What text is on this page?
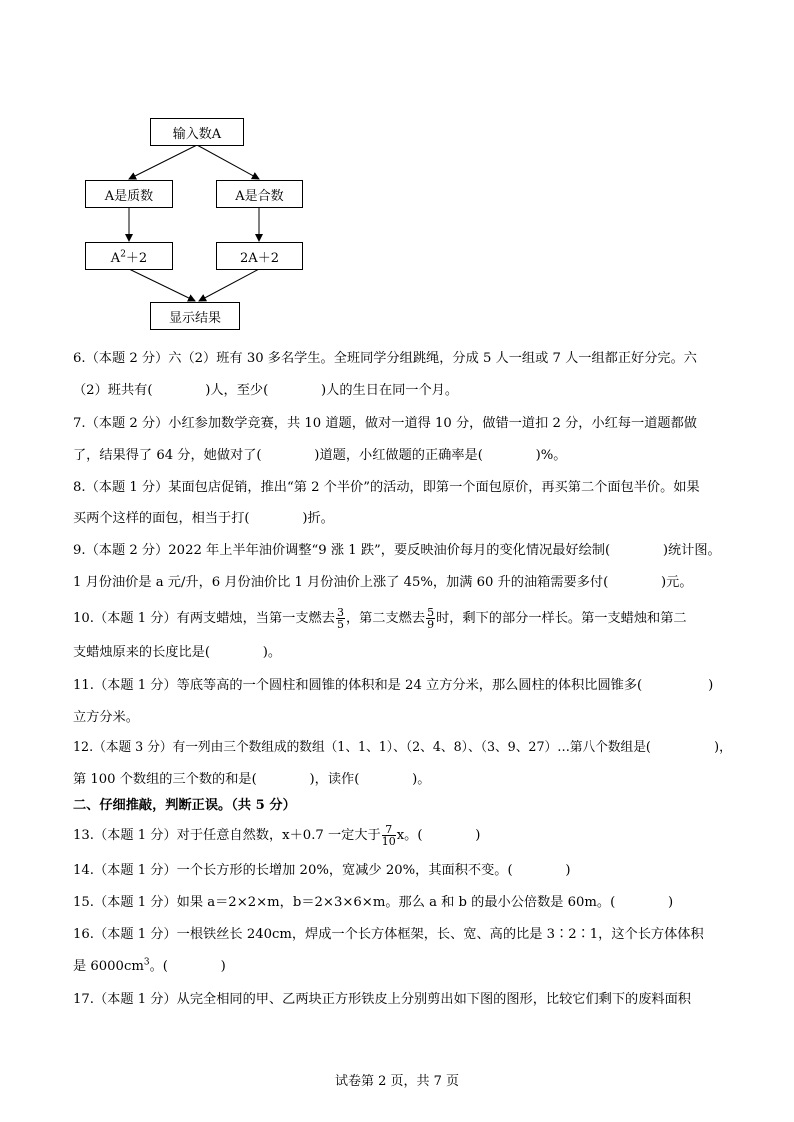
输入数A
A是质数	A是合数
$A^2+2$	2A＋2
显示结果
6.（本题 2 分）六（2）班有 30 多名学生。全班同学分组跳绳，分成 5 人一组或 7 人一组都正好分完。六
（2）班共有(　　　　)人，至少(　　　　)人的生日在同一个月。
7.（本题 2 分）小红参加数学竞赛，共 10 道题，做对一道得 10 分，做错一道扣 2 分，小红每一道题都做
了，结果得了 64 分，她做对了(　　　　)道题，小红做题的正确率是(　　　　)%。
8.（本题 1 分）某面包店促销，推出“第 2 个半价”的活动，即第一个面包原价，再买第二个面包半价。如果
买两个这样的面包，相当于打(　　　　)折。
9.（本题 2 分）2022 年上半年油价调整“9 涨 1 跌”，要反映油价每月的变化情况最好绘制(　　　　)统计图。
1 月份油价是 a 元/升，6 月份油价比 1 月份油价上涨了 45%，加满 60 升的油箱需要多付(　　　　)元。
10.（本题 1 分）有两支蜡烛，当第一支燃去 $\frac{3}{5}$ ，第二支燃去 $\frac{5}{9}$ 时，剩下的部分一样长。第一支蜡烛和第二
支蜡烛原来的长度比是(　　　　)。
11.（本题 1 分）等底等高的一个圆柱和圆锥的体积和是 24 立方分米，那么圆柱的体积比圆锥多(　　　　　)
立方分米。
12.（本题 3 分）有一列由三个数组成的数组（1、1、1）、（2、4、8）、（3、9、27）…第八个数组是(　　　　　)，
第 100 个数组的三个数的和是(　　　　)，读作(　　　　)。
二、仔细推敲，判断正误。（共 5 分）
13.（本题 1 分）对于任意自然数，x＋0.7 一定大于 $\frac{7}{10}$ x。(　　　　)
14.（本题 1 分）一个长方形的长增加 20%，宽减少 20%，其面积不变。(　　　　)
15.（本题 1 分）如果 a＝2×2×m，b＝2×3×6×m。那么 a 和 b 的最小公倍数是 60m。(　　　　)
16.（本题 1 分）一根铁丝长 240cm，焊成一个长方体框架，长、宽、高的比是 3∶2∶1，这个长方体体积
是 $6000cm^3$。(　　　　)
17.（本题 1 分）从完全相同的甲、乙两块正方形铁皮上分别剪出如下图的图形，比较它们剩下的废料面积
试卷第 2 页，共 7 页
